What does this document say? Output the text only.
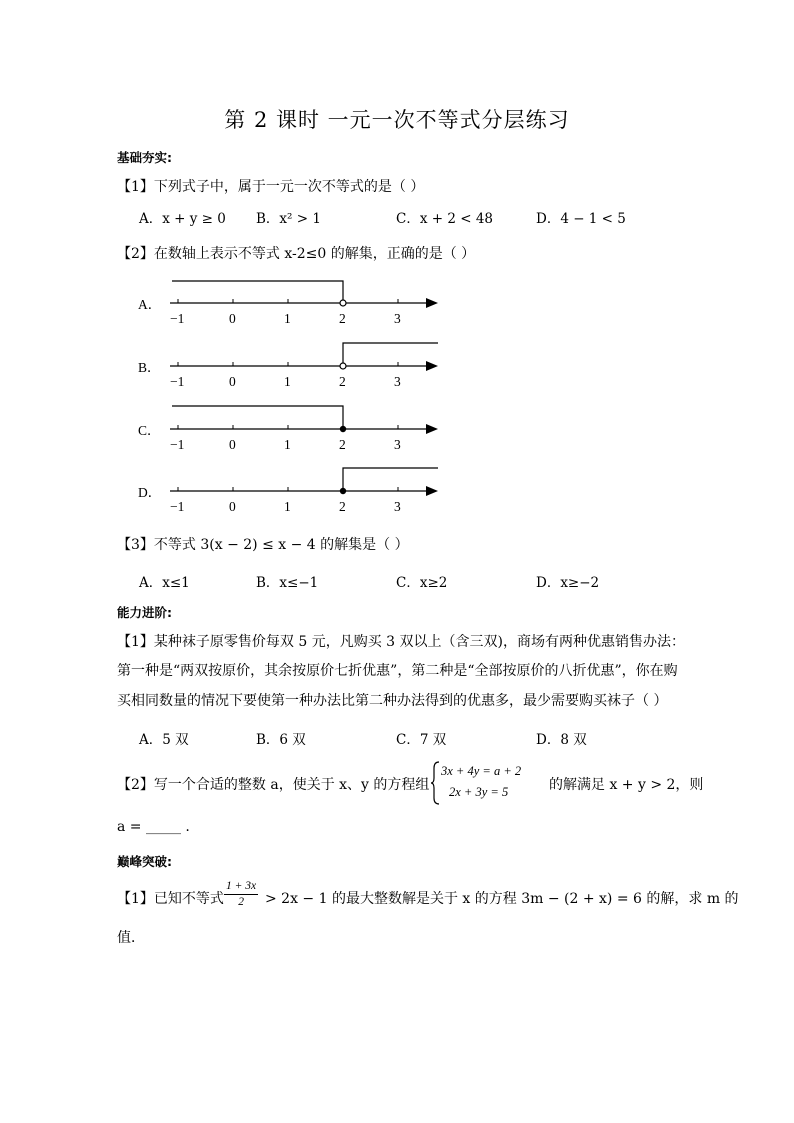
第 2 课时 一元一次不等式分层练习
基础夯实:
【1】下列式子中，属于一元一次不等式的是（ ）
A．x + y ≥ 0 B．x² > 1	C．x + 2 < 48	D．4 − 1 < 5
【2】在数轴上表示不等式 x-2≤0 的解集，正确的是（ ）
A．
−1	0	1	2	3
B．
−1	0	1	2	3
C．
−1	0	1	2	3
D．
−1	0	1	2	3
【3】不等式 3(x − 2) ≤ x − 4 的解集是（ ）
A．x≤1	B．x≤−1	C．x≥2	D．x≥−2
能力进阶:
【1】某种袜子原零售价每双 5 元，凡购买 3 双以上（含三双)，商场有两种优惠销售办法：
第一种是“两双按原价，其余按原价七折优惠”，第二种是“全部按原价的八折优惠”，你在购
买相同数量的情况下要使第一种办法比第二种办法得到的优惠多，最少需要购买袜子（ ）
A．5 双	B．6 双	C．7 双	D．8 双
【2】写一个合适的整数 a，使关于 x、y 的方程组
3x + 4y = a + 2
2x + 3y = 5	的解满足 x + y > 2，则
a = _____ .
巅峰突破:
【1】已知不等式 $\frac{1 + 3x}{2} > 2x - 1$ 的最大整数解是关于 x 的方程 3m − (2 + x) = 6 的解，求 m 的
值．
